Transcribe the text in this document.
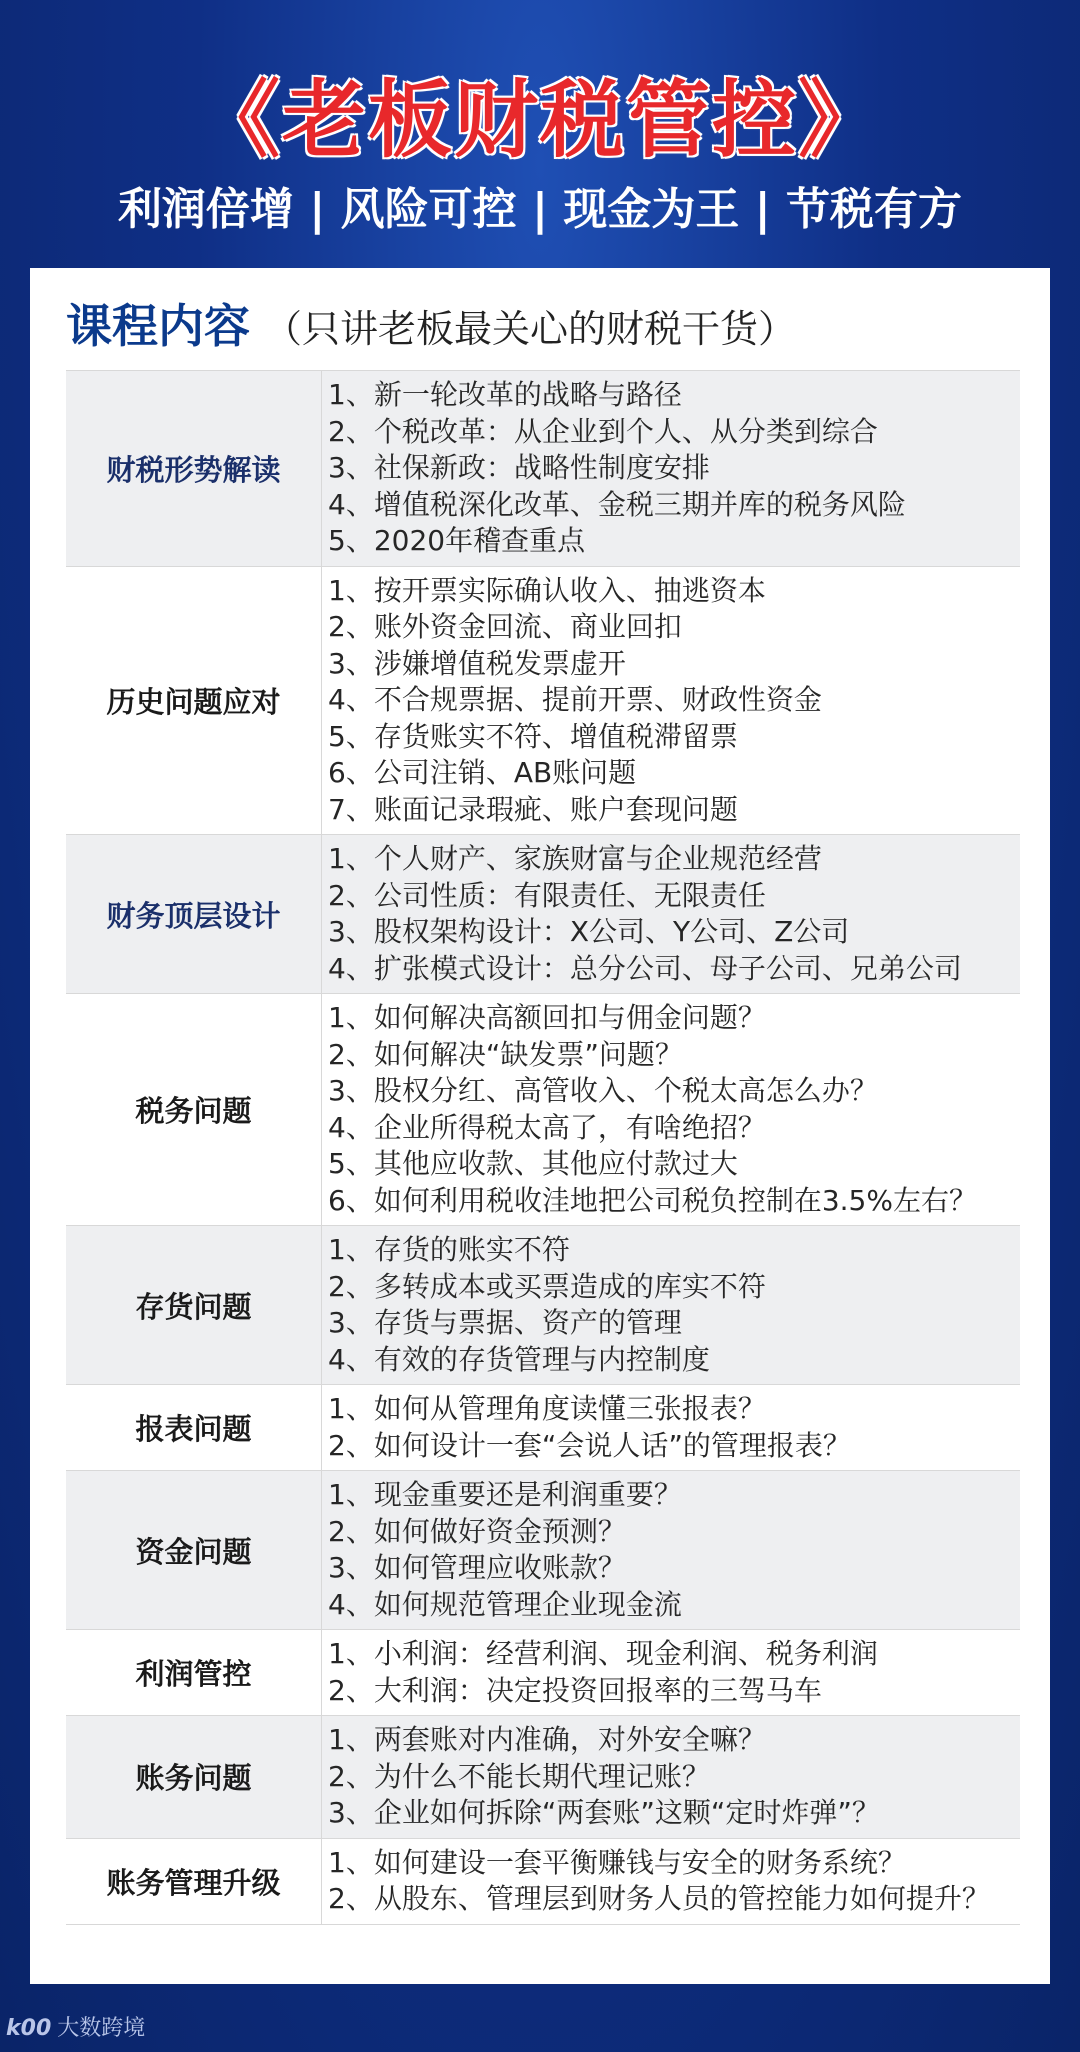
《老板财税管控》
利润倍增 | 风险可控 | 现金为王 | 节税有方
课程内容 （只讲老板最关心的财税干货）
财税形势解读
1、新一轮改革的战略与路径
2、个税改革：从企业到个人、从分类到综合
3、社保新政：战略性制度安排
4、增值税深化改革、金税三期并库的税务风险
5、2020年稽查重点
历史问题应对
1、按开票实际确认收入、抽逃资本
2、账外资金回流、商业回扣
3、涉嫌增值税发票虚开
4、不合规票据、提前开票、财政性资金
5、存货账实不符、增值税滞留票
6、公司注销、AB账问题
7、账面记录瑕疵、账户套现问题
财务顶层设计
1、个人财产、家族财富与企业规范经营
2、公司性质：有限责任、无限责任
3、股权架构设计：X公司、Y公司、Z公司
4、扩张模式设计：总分公司、母子公司、兄弟公司
税务问题
1、如何解决高额回扣与佣金问题？
2、如何解决“缺发票”问题？
3、股权分红、高管收入、个税太高怎么办？
4、企业所得税太高了，有啥绝招？
5、其他应收款、其他应付款过大
6、如何利用税收洼地把公司税负控制在3.5%左右？
存货问题
1、存货的账实不符
2、多转成本或买票造成的库实不符
3、存货与票据、资产的管理
4、有效的存货管理与内控制度
报表问题
1、如何从管理角度读懂三张报表？
2、如何设计一套“会说人话”的管理报表？
资金问题
1、现金重要还是利润重要？
2、如何做好资金预测？
3、如何管理应收账款？
4、如何规范管理企业现金流
利润管控
1、小利润：经营利润、现金利润、税务利润
2、大利润：决定投资回报率的三驾马车
账务问题
1、两套账对内准确，对外安全嘛？
2、为什么不能长期代理记账？
3、企业如何拆除“两套账”这颗“定时炸弹”？
账务管理升级
1、如何建设一套平衡赚钱与安全的财务系统？
2、从股东、管理层到财务人员的管控能力如何提升？
k00 大数跨境
